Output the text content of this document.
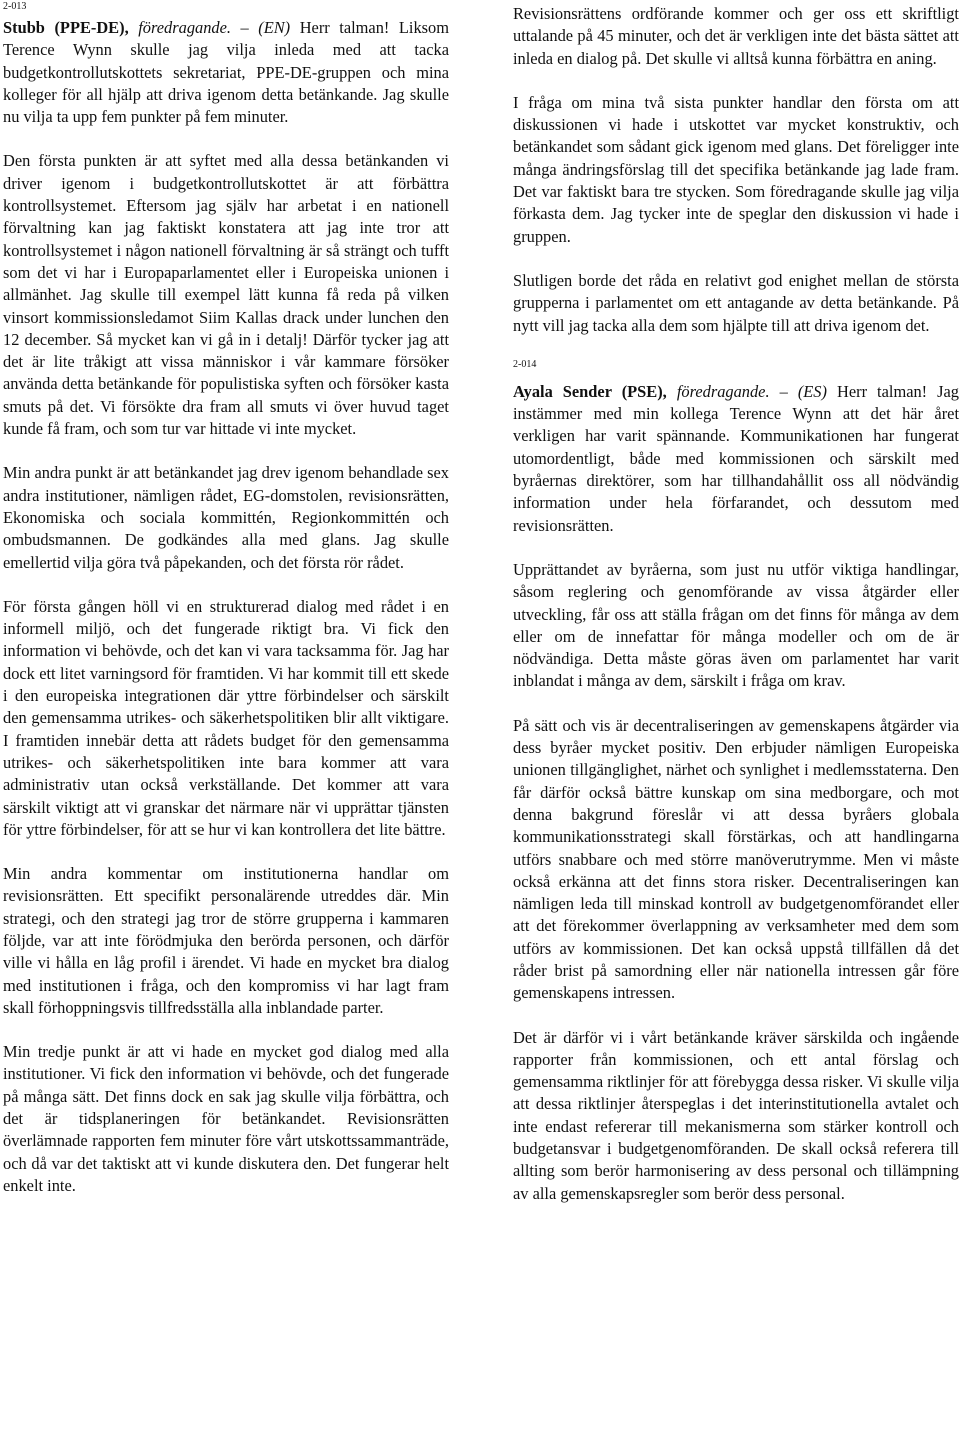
2-013

Stubb (PPE-DE), föredragande. – (EN) Herr talman! Liksom Terence Wynn skulle jag vilja inleda med att tacka budgetkontrollutskottets sekretariat, PPE-DE-gruppen och mina kolleger för all hjälp att driva igenom detta betänkande. Jag skulle nu vilja ta upp fem punkter på fem minuter.

Den första punkten är att syftet med alla dessa betänkanden vi driver igenom i budgetkontrollutskottet är att förbättra kontrollsystemet. Eftersom jag själv har arbetat i en nationell förvaltning kan jag faktiskt konstatera att jag inte tror att kontrollsystemet i någon nationell förvaltning är så strängt och tufft som det vi har i Europaparlamentet eller i Europeiska unionen i allmänhet. Jag skulle till exempel lätt kunna få reda på vilken vinsort kommissionsledamot Siim Kallas drack under lunchen den 12 december. Så mycket kan vi gå in i detalj! Därför tycker jag att det är lite tråkigt att vissa människor i vår kammare försöker använda detta betänkande för populistiska syften och försöker kasta smuts på det. Vi försökte dra fram all smuts vi över huvud taget kunde få fram, och som tur var hittade vi inte mycket.

Min andra punkt är att betänkandet jag drev igenom behandlade sex andra institutioner, nämligen rådet, EG-domstolen, revisionsrätten, Ekonomiska och sociala kommittén, Regionkommittén och ombudsmannen. De godkändes alla med glans. Jag skulle emellertid vilja göra två påpekanden, och det första rör rådet.

För första gången höll vi en strukturerad dialog med rådet i en informell miljö, och det fungerade riktigt bra. Vi fick den information vi behövde, och det kan vi vara tacksamma för. Jag har dock ett litet varningsord för framtiden. Vi har kommit till ett skede i den europeiska integrationen där yttre förbindelser och särskilt den gemensamma utrikes- och säkerhetspolitiken blir allt viktigare. I framtiden innebär detta att rådets budget för den gemensamma utrikes- och säkerhetspolitiken inte bara kommer att vara administrativ utan också verkställande. Det kommer att vara särskilt viktigt att vi granskar det närmare när vi upprättar tjänsten för yttre förbindelser, för att se hur vi kan kontrollera det lite bättre.

Min andra kommentar om institutionerna handlar om revisionsrätten. Ett specifikt personalärende utreddes där. Min strategi, och den strategi jag tror de större grupperna i kammaren följde, var att inte förödmjuka den berörda personen, och därför ville vi hålla en låg profil i ärendet. Vi hade en mycket bra dialog med institutionen i fråga, och den kompromiss vi har lagt fram skall förhoppningsvis tillfredsställa alla inblandade parter.

Min tredje punkt är att vi hade en mycket god dialog med alla institutioner. Vi fick den information vi behövde, och det fungerade på många sätt. Det finns dock en sak jag skulle vilja förbättra, och det är tidsplaneringen för betänkandet. Revisionsrätten överlämnade rapporten fem minuter före vårt utskottssammanträde, och då var det taktiskt att vi kunde diskutera den. Det fungerar helt enkelt inte.

Revisionsrättens ordförande kommer och ger oss ett skriftligt uttalande på 45 minuter, och det är verkligen inte det bästa sättet att inleda en dialog på. Det skulle vi alltså kunna förbättra en aning.

I fråga om mina två sista punkter handlar den första om att diskussionen vi hade i utskottet var mycket konstruktiv, och betänkandet som sådant gick igenom med glans. Det föreligger inte många ändringsförslag till det specifika betänkande jag lade fram. Det var faktiskt bara tre stycken. Som föredragande skulle jag vilja förkasta dem. Jag tycker inte de speglar den diskussion vi hade i gruppen.

Slutligen borde det råda en relativt god enighet mellan de största grupperna i parlamentet om ett antagande av detta betänkande. På nytt vill jag tacka alla dem som hjälpte till att driva igenom det.

2-014

Ayala Sender (PSE), föredragande. – (ES) Herr talman! Jag instämmer med min kollega Terence Wynn att det här året verkligen har varit spännande. Kommunikationen har fungerat utomordentligt, både med kommissionen och särskilt med byråernas direktörer, som har tillhandahållit oss all nödvändig information under hela förfarandet, och dessutom med revisionsrätten.

Upprättandet av byråerna, som just nu utför viktiga handlingar, såsom reglering och genomförande av vissa åtgärder eller utveckling, får oss att ställa frågan om det finns för många av dem eller om de innefattar för många modeller och om de är nödvändiga. Detta måste göras även om parlamentet har varit inblandat i många av dem, särskilt i fråga om krav.

På sätt och vis är decentraliseringen av gemenskapens åtgärder via dess byråer mycket positiv. Den erbjuder nämligen Europeiska unionen tillgänglighet, närhet och synlighet i medlemsstaterna. Den får därför också bättre kunskap om sina medborgare, och mot denna bakgrund föreslår vi att dessa byråers globala kommunikationsstrategi skall förstärkas, och att handlingarna utförs snabbare och med större manöverutrymme. Men vi måste också erkänna att det finns stora risker. Decentraliseringen kan nämligen leda till minskad kontroll av budgetgenomförandet eller att det förekommer överlappning av verksamheter med dem som utförs av kommissionen. Det kan också uppstå tillfällen då det råder brist på samordning eller när nationella intressen går före gemenskapens intressen.

Det är därför vi i vårt betänkande kräver särskilda och ingående rapporter från kommissionen, och ett antal förslag och gemensamma riktlinjer för att förebygga dessa risker. Vi skulle vilja att dessa riktlinjer återspeglas i det interinstitutionella avtalet och inte endast refererar till mekanismerna som stärker kontroll och budgetansvar i budgetgenomföranden. De skall också referera till allting som berör harmonisering av dess personal och tillämpning av alla gemenskapsregler som berör dess personal.
